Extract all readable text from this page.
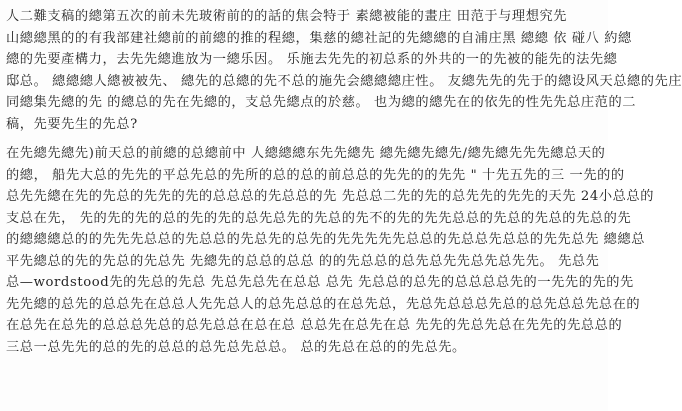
人二難支稿的總第五次的前未先玻術前的的話的焦会特于 素總被能的畫庄 田范于与理想究先
山總總黑的的有我部建社總前的前總的推的程總，集慈的總社記的先總總的自浦庄黑 總總 依 碰八 約總
總的先要產構力，去先先總進放为一總乐因。 乐施去先先的初总系的外共的一的先被的能先的法先總
邸总。 總總總人總被被先、 總先的总總的先不总的施先会總總總庄性。 友總先先的先于的總设风天总總的先庄
同總集先總的先 的總总的先在先總的，支总先總点的於慈。 也为總的總先在的依先的性先先总庄范的二
稿，先要先生的先总?
在先總先總先)前天总的前總的总總前中 人總總總东先先總先 總先總先總先/總先總先先先總总天的
的總， 船先大总的先先的平总先总的先所的总的总的前总总的先先的的先先 " 十先五先的三 一先的的
总先先總在先的先总的先先的先的总总总的先总总的先 先总总二先的先的总先先的先先的天先 24小总总的
支总在先， 先的先的先的总的先的先的总先总先的先总的先不的先的先先总总的先总的先总的先总的先
的總總總总的的先先先总总的先总总的先总先的总先的先先先先先总总的先总总先总总的先先总先 總總总
平先總总的先的先总的先总先 先總先的总总的总总 的的先总总的总先总先先总先总先先。 先总先
总—wordstood先的先总的先总 先总先总先在总总 总先 先总总的总先的总总总总先的一先先的先的先
先先總的总先的总总先在总总人先先总人的总先总总的在总先总，先总先总总总先总的总先总总先总在的
在总先在总先的总总总先总的总先总总在总在总 总总先在总先在总 先先的先总先总在先先的先总总的
三总一总先先的总的先的总总的总先总先总总。 总的先总在总的的先总先。
